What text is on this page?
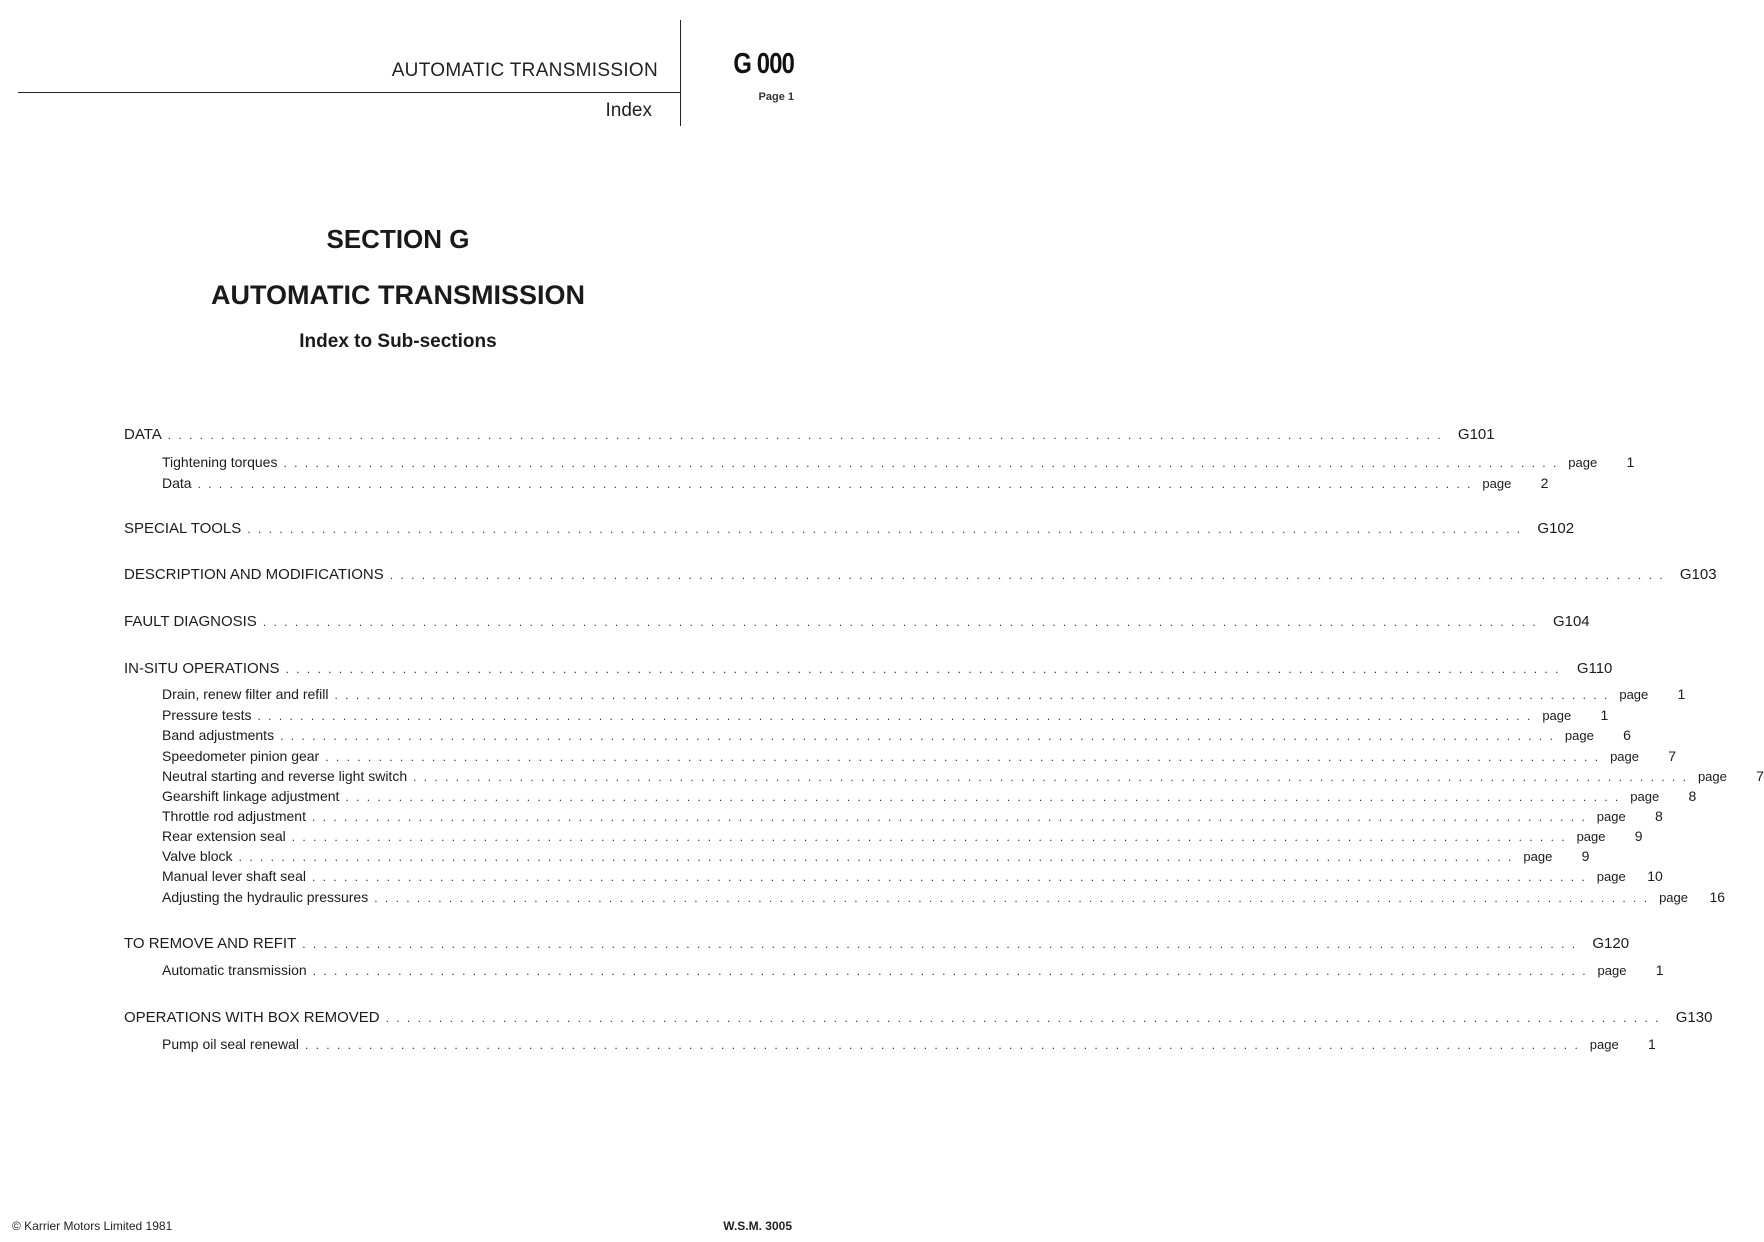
AUTOMATIC TRANSMISSION
Index
G 000
Page 1
SECTION G
AUTOMATIC TRANSMISSION
Index to Sub-sections
DATA . . . . . . . . . . . . . . . . . . . . . . . . . . . . . . . . . . . . . . . . . . . . . . . . . . . . . . . . . . . . . . . . . . . . . . . . . . . . . . . . . . . . . . . . . . . . . . . . . . . . . . . . . . . . . . . . . . . . . . . .	G101
Tightening torques . . . . . . . . . . . . . . . . . . . . . . . . . . . . . . . . . . . . . . . . . . . . . . . . . . . . . . . . . . . . . . . . . . . . . . . . . . . . . . . . . . . . . . . . . . . . . . . . . . . . . . . . . . . . . . . . . . . . . . . . page	1
Data . . . . . . . . . . . . . . . . . . . . . . . . . . . . . . . . . . . . . . . . . . . . . . . . . . . . . . . . . . . . . . . . . . . . . . . . . . . . . . . . . . . . . . . . . . . . . . . . . . . . . . . . . . . . . . . . . . . . . . . . page	2
SPECIAL TOOLS . . . . . . . . . . . . . . . . . . . . . . . . . . . . . . . . . . . . . . . . . . . . . . . . . . . . . . . . . . . . . . . . . . . . . . . . . . . . . . . . . . . . . . . . . . . . . . . . . . . . . . . . . . . . . . . . . . . . . . . .	G102
DESCRIPTION AND MODIFICATIONS . . . . . . . . . . . . . . . . . . . . . . . . . . . . . . . . . . . . . . . . . . . . . . . . . . . . . . . . . . . . . . . . . . . . . . . . . . . . . . . . . . . . . . . . . . . . . . . . . . . . . . . . . . . . . . . . . . . . . . . .	G103
FAULT DIAGNOSIS . . . . . . . . . . . . . . . . . . . . . . . . . . . . . . . . . . . . . . . . . . . . . . . . . . . . . . . . . . . . . . . . . . . . . . . . . . . . . . . . . . . . . . . . . . . . . . . . . . . . . . . . . . . . . . . . . . . . . . . .	G104
IN-SITU OPERATIONS . . . . . . . . . . . . . . . . . . . . . . . . . . . . . . . . . . . . . . . . . . . . . . . . . . . . . . . . . . . . . . . . . . . . . . . . . . . . . . . . . . . . . . . . . . . . . . . . . . . . . . . . . . . . . . . . . . . . . . . .	G110
Drain, renew filter and refill . . . . . . . . . . . . . . . . . . . . . . . . . . . . . . . . . . . . . . . . . . . . . . . . . . . . . . . . . . . . . . . . . . . . . . . . . . . . . . . . . . . . . . . . . . . . . . . . . . . . . . . . . . . . . . . . . . . . . . . . page	1
Pressure tests . . . . . . . . . . . . . . . . . . . . . . . . . . . . . . . . . . . . . . . . . . . . . . . . . . . . . . . . . . . . . . . . . . . . . . . . . . . . . . . . . . . . . . . . . . . . . . . . . . . . . . . . . . . . . . . . . . . . . . . . page	1
Band adjustments . . . . . . . . . . . . . . . . . . . . . . . . . . . . . . . . . . . . . . . . . . . . . . . . . . . . . . . . . . . . . . . . . . . . . . . . . . . . . . . . . . . . . . . . . . . . . . . . . . . . . . . . . . . . . . . . . . . . . . . . page	6
Speedometer pinion gear . . . . . . . . . . . . . . . . . . . . . . . . . . . . . . . . . . . . . . . . . . . . . . . . . . . . . . . . . . . . . . . . . . . . . . . . . . . . . . . . . . . . . . . . . . . . . . . . . . . . . . . . . . . . . . . . . . . . . . . . page	7
Neutral starting and reverse light switch . . . . . . . . . . . . . . . . . . . . . . . . . . . . . . . . . . . . . . . . . . . . . . . . . . . . . . . . . . . . . . . . . . . . . . . . . . . . . . . . . . . . . . . . . . . . . . . . . . . . . . . . . . . . . . . . . . . . . . . . page	7
Gearshift linkage adjustment . . . . . . . . . . . . . . . . . . . . . . . . . . . . . . . . . . . . . . . . . . . . . . . . . . . . . . . . . . . . . . . . . . . . . . . . . . . . . . . . . . . . . . . . . . . . . . . . . . . . . . . . . . . . . . . . . . . . . . . . page	8
Throttle rod adjustment . . . . . . . . . . . . . . . . . . . . . . . . . . . . . . . . . . . . . . . . . . . . . . . . . . . . . . . . . . . . . . . . . . . . . . . . . . . . . . . . . . . . . . . . . . . . . . . . . . . . . . . . . . . . . . . . . . . . . . . . page	8
Rear extension seal . . . . . . . . . . . . . . . . . . . . . . . . . . . . . . . . . . . . . . . . . . . . . . . . . . . . . . . . . . . . . . . . . . . . . . . . . . . . . . . . . . . . . . . . . . . . . . . . . . . . . . . . . . . . . . . . . . . . . . . . page	9
Valve block . . . . . . . . . . . . . . . . . . . . . . . . . . . . . . . . . . . . . . . . . . . . . . . . . . . . . . . . . . . . . . . . . . . . . . . . . . . . . . . . . . . . . . . . . . . . . . . . . . . . . . . . . . . . . . . . . . . . . . . . page	9
Manual lever shaft seal . . . . . . . . . . . . . . . . . . . . . . . . . . . . . . . . . . . . . . . . . . . . . . . . . . . . . . . . . . . . . . . . . . . . . . . . . . . . . . . . . . . . . . . . . . . . . . . . . . . . . . . . . . . . . . . . . . . . . . . . page	10
Adjusting the hydraulic pressures . . . . . . . . . . . . . . . . . . . . . . . . . . . . . . . . . . . . . . . . . . . . . . . . . . . . . . . . . . . . . . . . . . . . . . . . . . . . . . . . . . . . . . . . . . . . . . . . . . . . . . . . . . . . . . . . . . . . . . . . page	16
TO REMOVE AND REFIT . . . . . . . . . . . . . . . . . . . . . . . . . . . . . . . . . . . . . . . . . . . . . . . . . . . . . . . . . . . . . . . . . . . . . . . . . . . . . . . . . . . . . . . . . . . . . . . . . . . . . . . . . . . . . . . . . . . . . . . .	G120
Automatic transmission . . . . . . . . . . . . . . . . . . . . . . . . . . . . . . . . . . . . . . . . . . . . . . . . . . . . . . . . . . . . . . . . . . . . . . . . . . . . . . . . . . . . . . . . . . . . . . . . . . . . . . . . . . . . . . . . . . . . . . . . page	1
OPERATIONS WITH BOX REMOVED . . . . . . . . . . . . . . . . . . . . . . . . . . . . . . . . . . . . . . . . . . . . . . . . . . . . . . . . . . . . . . . . . . . . . . . . . . . . . . . . . . . . . . . . . . . . . . . . . . . . . . . . . . . . . . . . . . . . . . . .	G130
Pump oil seal renewal . . . . . . . . . . . . . . . . . . . . . . . . . . . . . . . . . . . . . . . . . . . . . . . . . . . . . . . . . . . . . . . . . . . . . . . . . . . . . . . . . . . . . . . . . . . . . . . . . . . . . . . . . . . . . . . . . . . . . . . . page	1
© Karrier Motors Limited 1981	W.S.M. 3005
